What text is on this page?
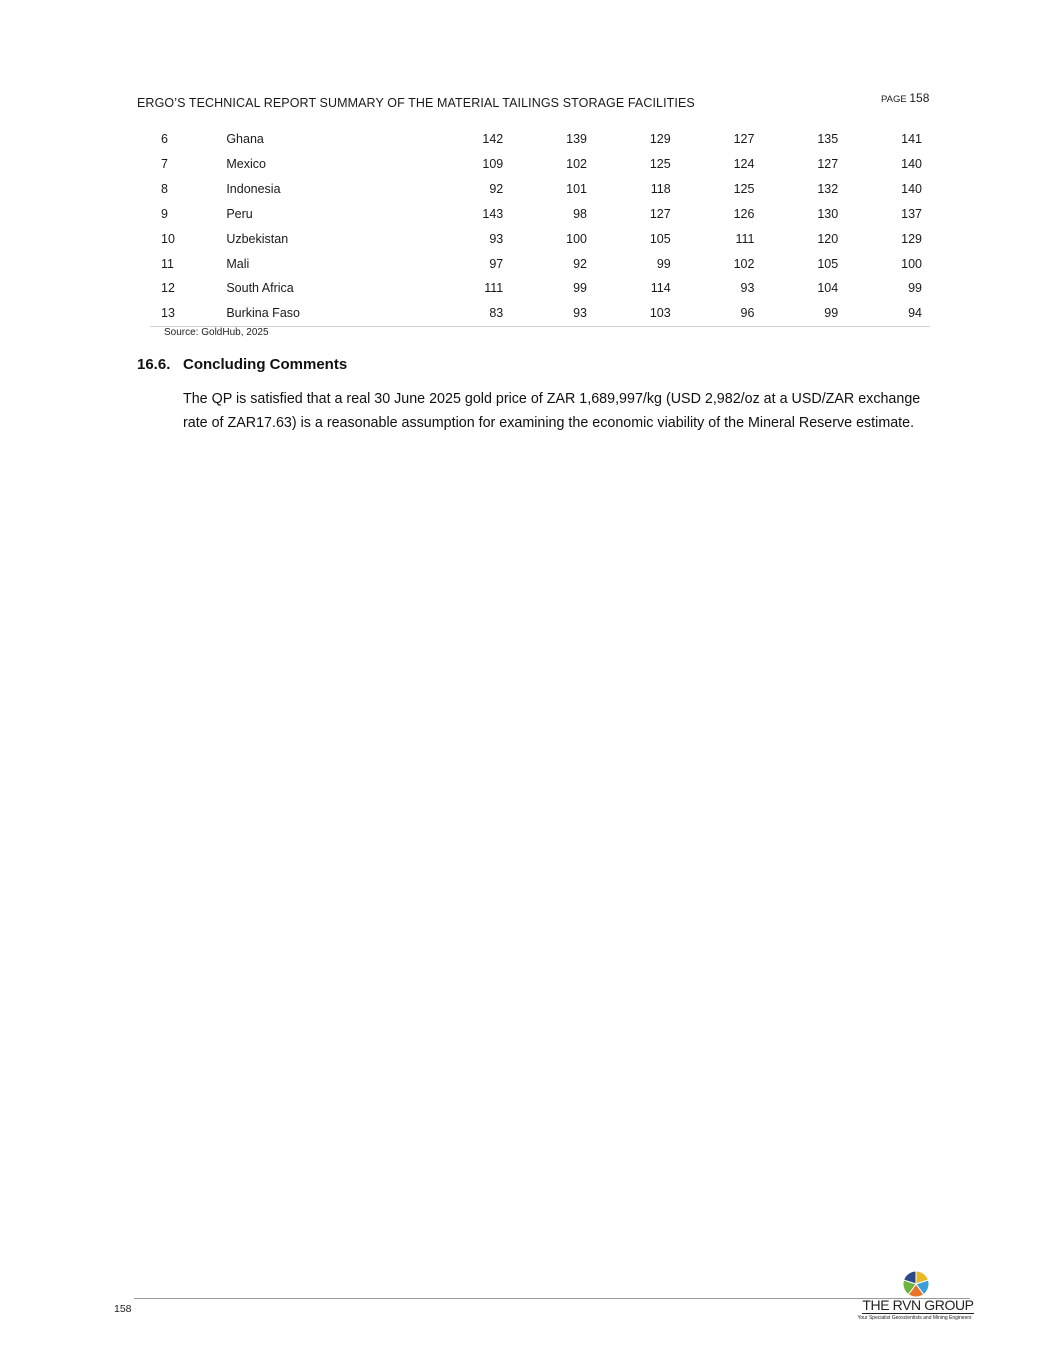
ERGO’S TECHNICAL REPORT SUMMARY OF THE MATERIAL TAILINGS STORAGE FACILITIES	PAGE 158
6	Ghana	142	139	129	127	135	141
7	Mexico	109	102	125	124	127	140
8	Indonesia	92	101	118	125	132	140
9	Peru	143	98	127	126	130	137
10	Uzbekistan	93	100	105	111	120	129
11	Mali	97	92	99	102	105	100
12	South Africa	111	99	114	93	104	99
13	Burkina Faso	83	93	103	96	99	94
Source: GoldHub, 2025
16.6. Concluding Comments

The QP is satisfied that a real 30 June 2025 gold price of ZAR 1,689,997/kg (USD 2,982/oz at a USD/ZAR exchange rate of ZAR17.63) is a reasonable assumption for examining the economic viability of the Mineral Reserve estimate.

158	THE RVN GROUP
Your Specialist Geoscientists and Mining Engineers
